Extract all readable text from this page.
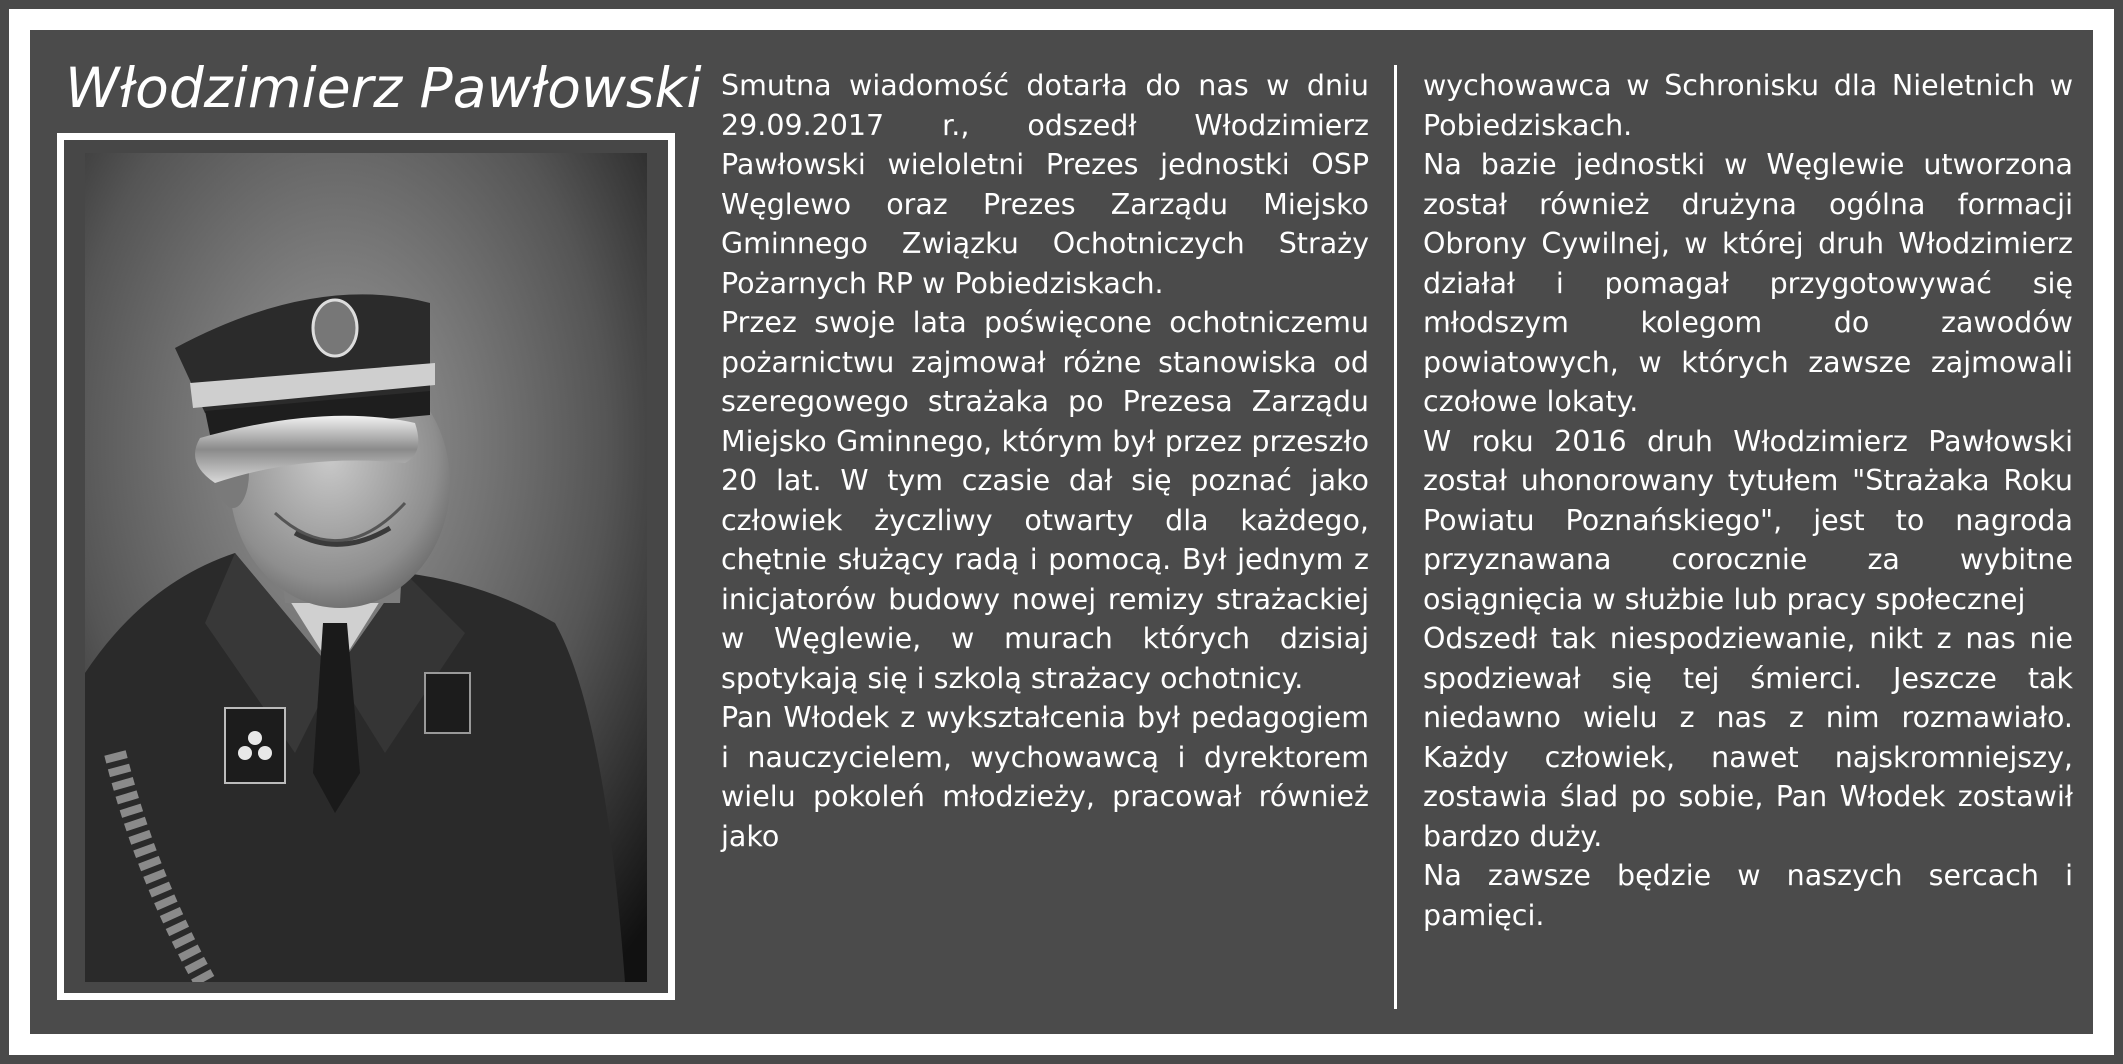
Włodzimierz Pawłowski Smutna wiadomość dotarła do nas w dniu 29.09.2017 r., odszedł Włodzimierz Pawłowski wieloletni Prezes jednostki OSP Węglewo oraz Prezes Zarządu Miejsko Gminnego Związku Ochotniczych Straży Pożarnych RP w Pobiedziskach.

Przez swoje lata poświęcone ochotniczemu pożarnictwu zajmował różne stanowiska od szeregowego strażaka po Prezesa Zarządu Miejsko Gminnego, którym był przez przeszło 20 lat. W tym czasie dał się poznać jako człowiek życzliwy otwarty dla każdego, chętnie służący radą i pomocą. Był jednym z inicjatorów budowy nowej remizy strażackiej w Węglewie, w murach których dzisiaj spotykają się i szkolą strażacy ochotnicy.

Pan Włodek z wykształcenia był pedagogiem i nauczycielem, wychowawcą i dyrektorem wielu pokoleń młodzieży, pracował również jako

wychowawca w Schronisku dla Nieletnich w Pobiedziskach.

Na bazie jednostki w Węglewie utworzona został również drużyna ogólna formacji Obrony Cywilnej, w której druh Włodzimierz działał i pomagał przygotowywać się młodszym kolegom do zawodów powiatowych, w których zawsze zajmowali czołowe lokaty.

W roku 2016 druh Włodzimierz Pawłowski został uhonorowany tytułem "Strażaka Roku Powiatu Poznańskiego", jest to nagroda przyznawana corocznie za wybitne osiągnięcia w służbie lub pracy społecznej

Odszedł tak niespodziewanie, nikt z nas nie spodziewał się tej śmierci. Jeszcze tak niedawno wielu z nas z nim rozmawiało. Każdy człowiek, nawet najskromniejszy, zostawia ślad po sobie, Pan Włodek zostawił bardzo duży.

Na zawsze będzie w naszych sercach i pamięci.
